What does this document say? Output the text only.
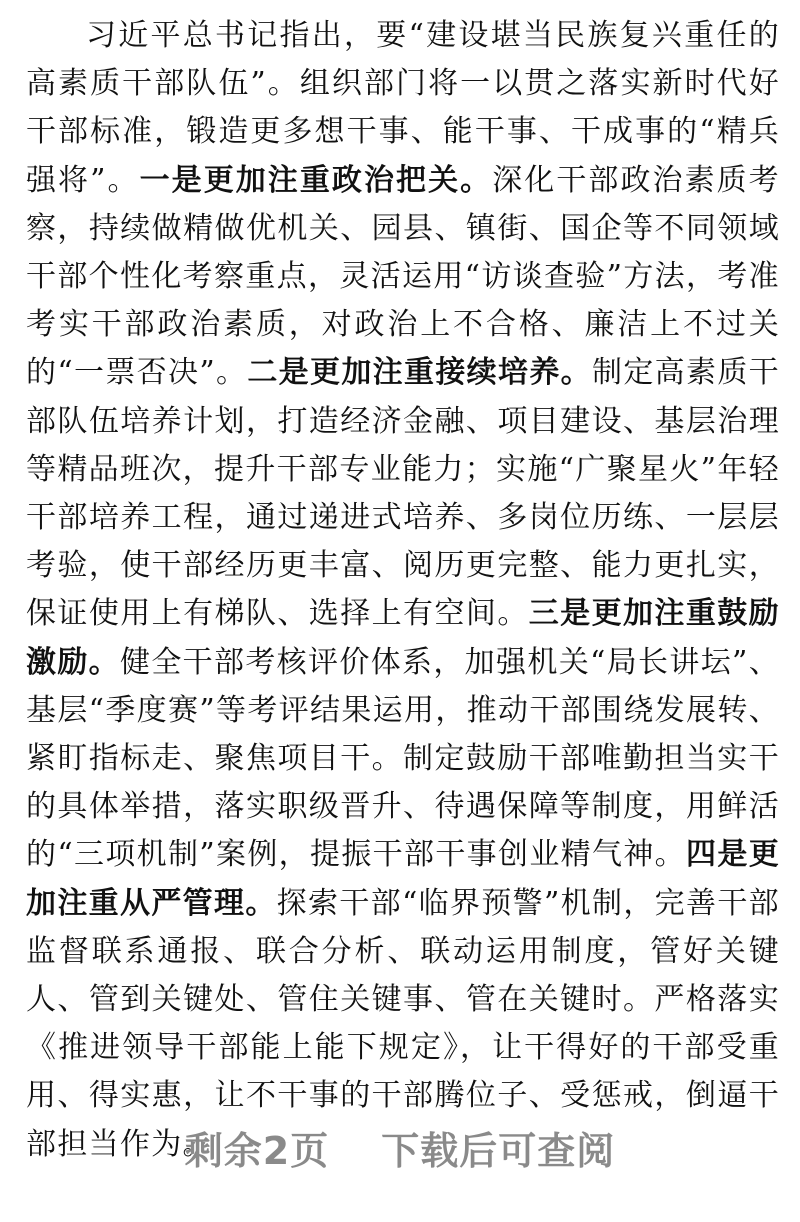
习近平总书记指出，要“建设堪当民族复兴重任的高素质干部队伍”。组织部门将一以贯之落实新时代好干部标准，锻造更多想干事、能干事、干成事的“精兵强将”。一是更加注重政治把关。深化干部政治素质考察，持续做精做优机关、园县、镇街、国企等不同领域干部个性化考察重点，灵活运用“访谈查验”方法，考准考实干部政治素质，对政治上不合格、廉洁上不过关的“一票否决”。二是更加注重接续培养。制定高素质干部队伍培养计划，打造经济金融、项目建设、基层治理等精品班次，提升干部专业能力；实施“广聚星火”年轻干部培养工程，通过递进式培养、多岗位历练、一层层考验，使干部经历更丰富、阅历更完整、能力更扎实，保证使用上有梯队、选择上有空间。三是更加注重鼓励激励。健全干部考核评价体系，加强机关“局长讲坛”、基层“季度赛”等考评结果运用，推动干部围绕发展转、紧盯指标走、聚焦项目干。制定鼓励干部唯勤担当实干的具体举措，落实职级晋升、待遇保障等制度，用鲜活的“三项机制”案例，提振干部干事创业精气神。四是更加注重从严管理。探索干部“临界预警”机制，完善干部监督联系通报、联合分析、联动运用制度，管好关键人、管到关键处、管住关键事、管在关键时。严格落实《推进领导干部能上能下规定》，让干得好的干部受重用、得实惠，让不干事的干部腾位子、受惩戒，倒逼干部担当作为。

剩余2页 下载后可查阅
